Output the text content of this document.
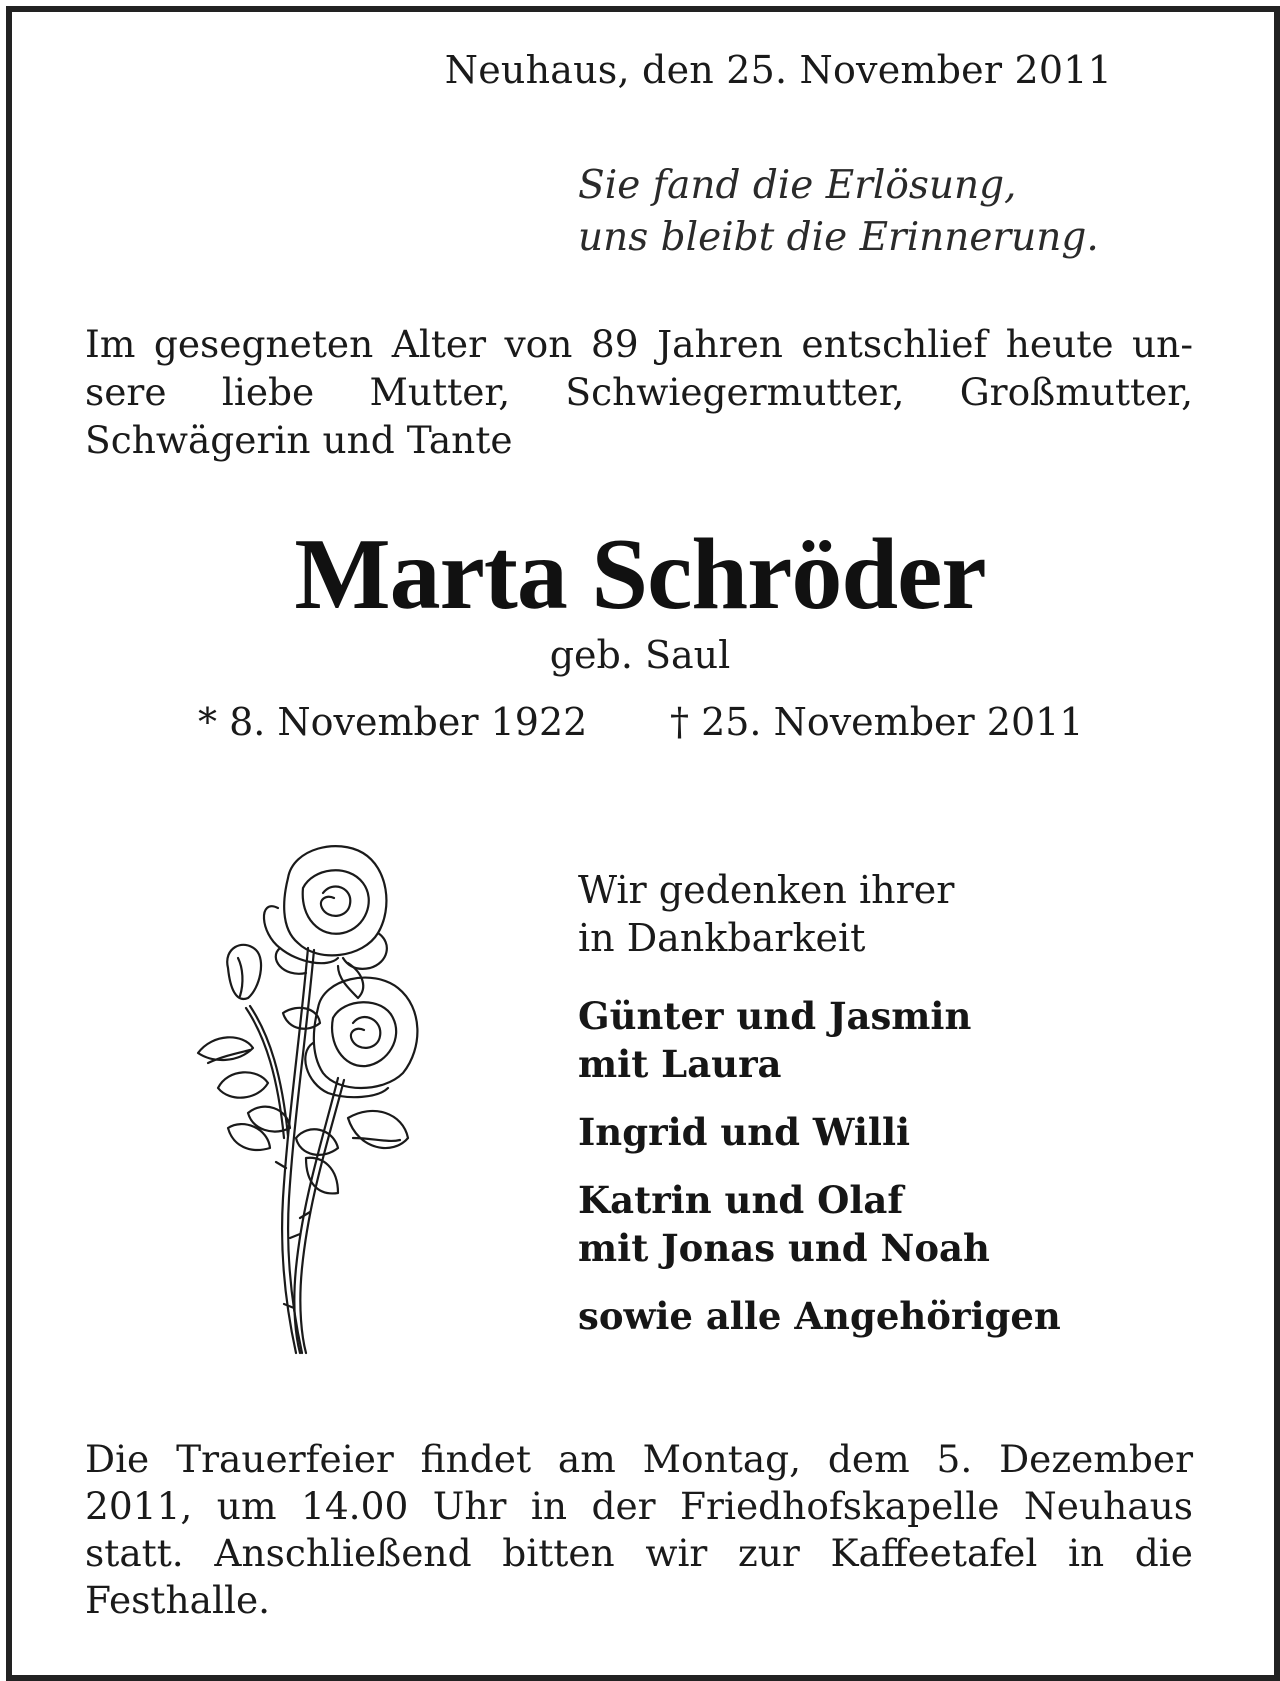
Neuhaus, den 25. November 2011
Sie fand die Erlösung,
uns bleibt die Erinnerung.
Im gesegneten Alter von 89 Jahren entschlief heute un-
sere liebe Mutter, Schwiegermutter, Großmutter,
Schwägerin und Tante
Marta Schröder
geb. Saul
* 8. November 1922 † 25. November 2011
Wir gedenken ihrer
in Dankbarkeit
Günter und Jasmin
mit Laura
Ingrid und Willi
Katrin und Olaf
mit Jonas und Noah
sowie alle Angehörigen
Die Trauerfeier findet am Montag, dem 5. Dezember
2011, um 14.00 Uhr in der Friedhofskapelle Neuhaus
statt. Anschließend bitten wir zur Kaffeetafel in die
Festhalle.
